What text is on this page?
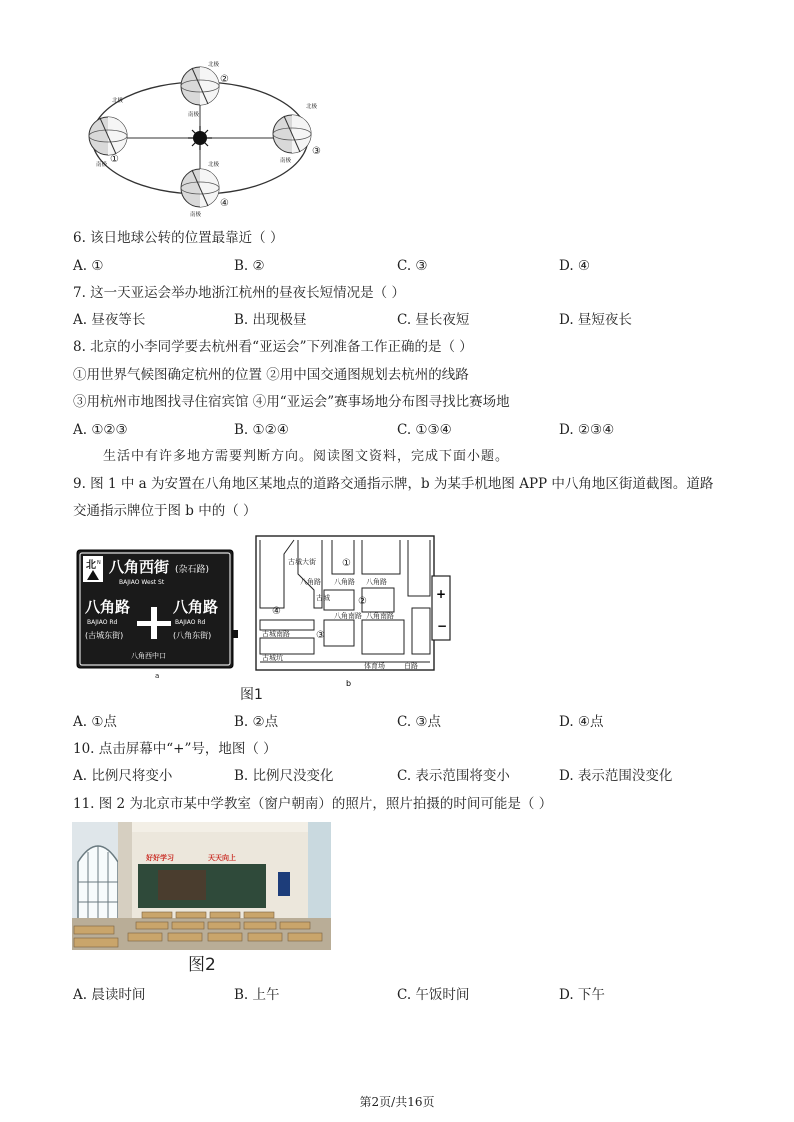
北极
北极
北极
北极
南极
南极
南极
南极
①
②
③
④
6. 该日地球公转的位置最靠近（ ）
A. ①	B. ②	C. ③	D. ④
7. 这一天亚运会举办地浙江杭州的昼夜长短情况是（ ）
A. 昼夜等长	B. 出现极昼	C. 昼长夜短	D. 昼短夜长
8. 北京的小李同学要去杭州看“亚运会”下列准备工作正确的是（ ）
①用世界气候图确定杭州的位置 ②用中国交通图规划去杭州的线路
③用杭州市地图找寻住宿宾馆 ④用“亚运会”赛事场地分布图寻找比赛场地
A. ①②③	B. ①②④	C. ①③④	D. ②③④
生活中有许多地方需要判断方向。阅读图文资料，完成下面小题。
9. 图 1 中 a 为安置在八角地区某地点的道路交通指示牌，b 为某手机地图 APP 中八角地区街道截图。道路
交通指示牌位于图 b 中的（ ）
北 N 八角西街 (杂石路)
BAJIAO West St
八角路
BAJIAO Rd
(古城东街)
八角路
BAJIAO Rd
(八角东街)
八角西中口
a
古城大街
八角路
八角南路
古城南路
八角南路
古城坑
体育场	白路
八角路
古城
八角路
①
②
③
④
+
−
b
图1
A. ①点	B. ②点	C. ③点	D. ④点
10. 点击屏幕中“+”号，地图（ ）
A. 比例尺将变小	B. 比例尺没变化	C. 表示范围将变小	D. 表示范围没变化
11. 图 2 为北京市某中学教室（窗户朝南）的照片，照片拍摄的时间可能是（ ）
好好学习	天天向上
图2
A. 晨读时间	B. 上午	C. 午饭时间	D. 下午
第2页/共16页
